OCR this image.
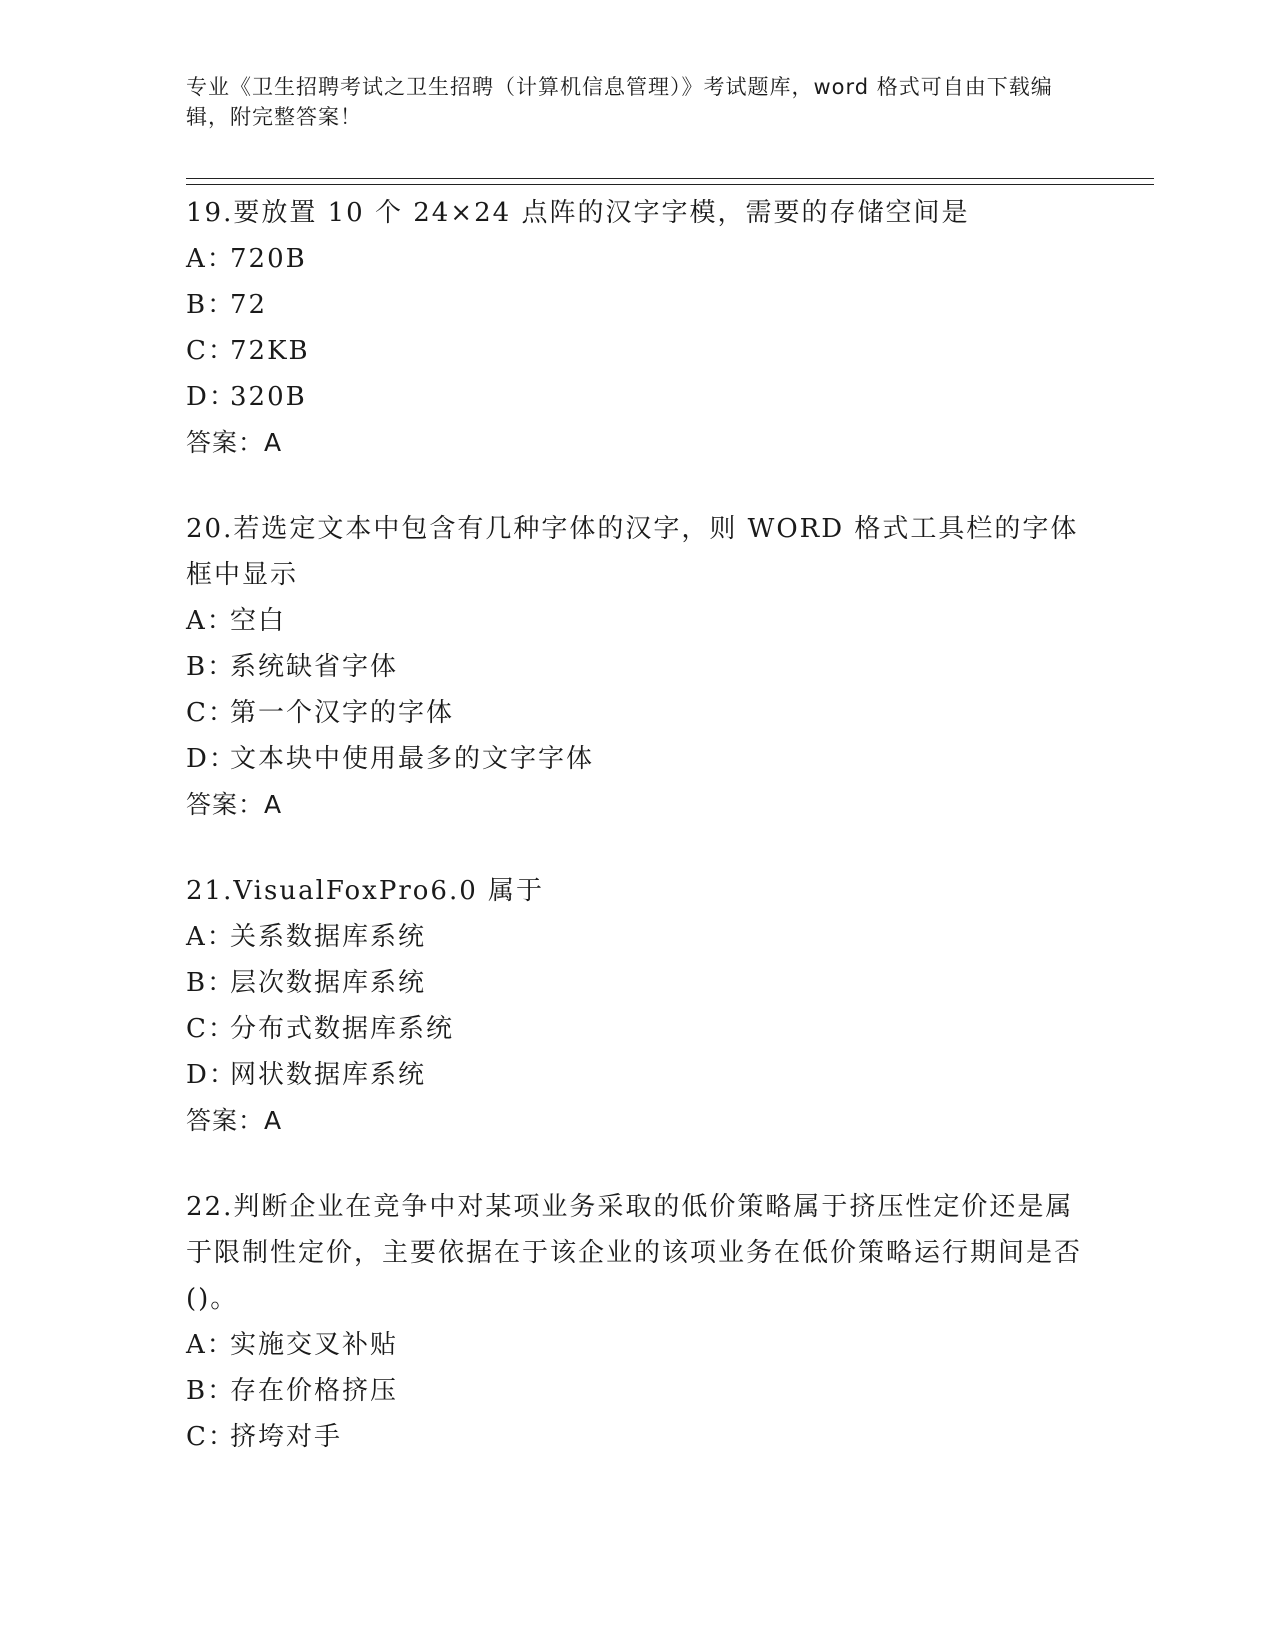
专业《卫生招聘考试之卫生招聘（计算机信息管理）》考试题库，word 格式可自由下载编辑，附完整答案！
19.要放置 10 个 24×24 点阵的汉字字模，需要的存储空间是
A：720B
B：72
C：72KB
D：320B
答案：A
20.若选定文本中包含有几种字体的汉字，则 WORD 格式工具栏的字体框中显示
A：空白
B：系统缺省字体
C：第一个汉字的字体
D：文本块中使用最多的文字字体
答案：A
21.VisualFoxPro6.0 属于
A：关系数据库系统
B：层次数据库系统
C：分布式数据库系统
D：网状数据库系统
答案：A
22.判断企业在竞争中对某项业务采取的低价策略属于挤压性定价还是属于限制性定价，主要依据在于该企业的该项业务在低价策略运行期间是否()。
A：实施交叉补贴
B：存在价格挤压
C：挤垮对手
